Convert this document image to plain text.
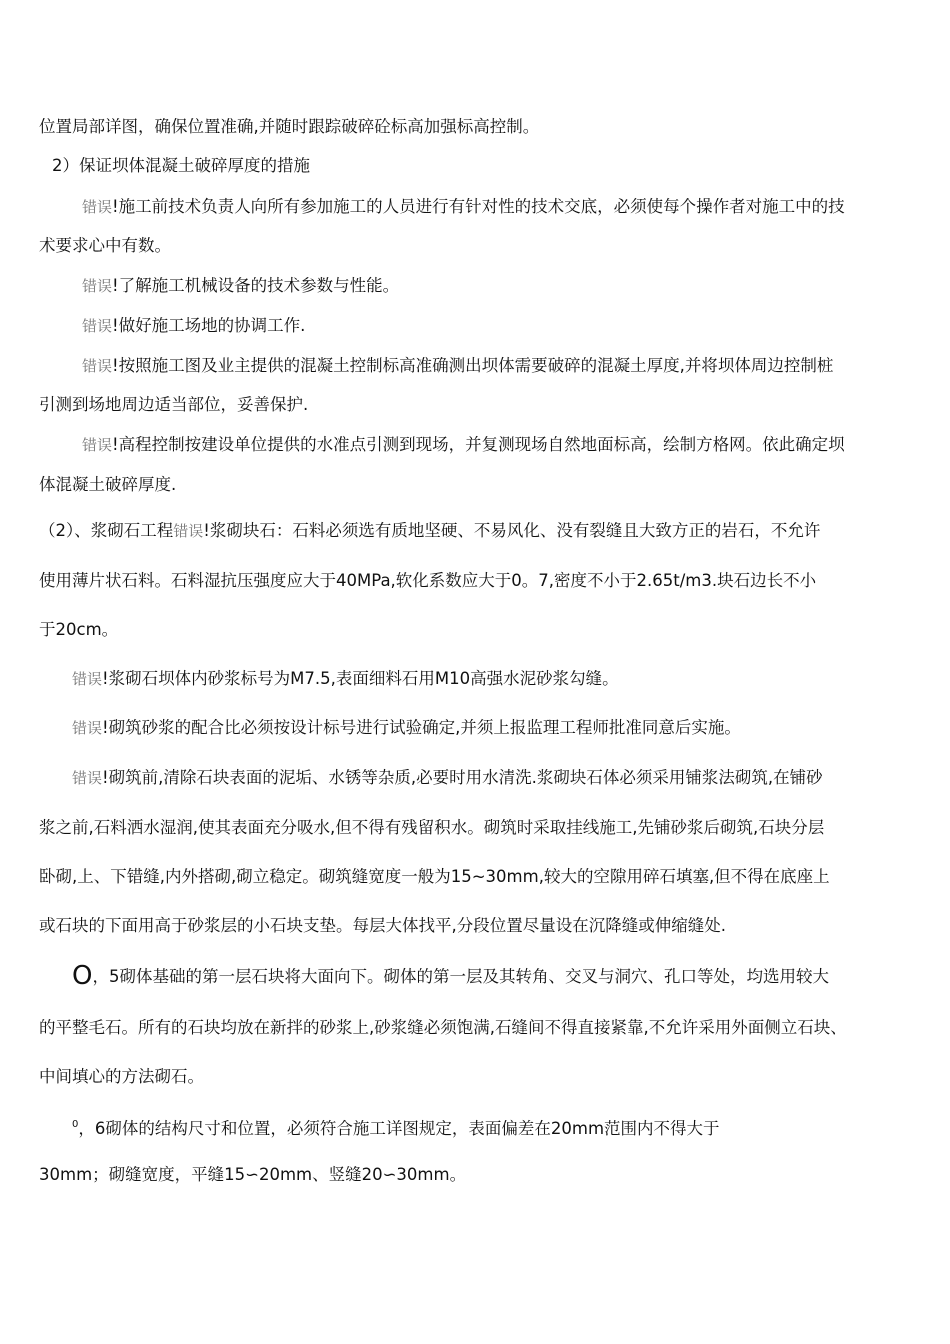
位置局部详图，确保位置准确,并随时跟踪破碎砼标高加强标高控制。
2）保证坝体混凝土破碎厚度的措施
错误!施工前技术负责人向所有参加施工的人员进行有针对性的技术交底，必须使每个操作者对施工中的技
术要求心中有数。
错误!了解施工机械设备的技术参数与性能。
错误!做好施工场地的协调工作.
错误!按照施工图及业主提供的混凝土控制标高准确测出坝体需要破碎的混凝土厚度,并将坝体周边控制桩
引测到场地周边适当部位，妥善保护.
错误!高程控制按建设单位提供的水准点引测到现场，并复测现场自然地面标高，绘制方格网。依此确定坝
体混凝土破碎厚度.
（2）、浆砌石工程错误!浆砌块石：石料必须选有质地坚硬、不易风化、没有裂缝且大致方正的岩石，不允许
使用薄片状石料。石料湿抗压强度应大于40MPa,软化系数应大于0。7,密度不小于2.65t/m3.块石边长不小
于20cm。
错误!浆砌石坝体内砂浆标号为M7.5,表面细料石用M10高强水泥砂浆勾缝。
错误!砌筑砂浆的配合比必须按设计标号进行试验确定,并须上报监理工程师批准同意后实施。
错误!砌筑前,清除石块表面的泥垢、水锈等杂质,必要时用水清洗.浆砌块石体必须采用铺浆法砌筑,在铺砂
浆之前,石料洒水湿润,使其表面充分吸水,但不得有残留积水。砌筑时采取挂线施工,先铺砂浆后砌筑,石块分层
卧砌,上、下错缝,内外搭砌,砌立稳定。砌筑缝宽度一般为15~30mm,较大的空隙用碎石填塞,但不得在底座上
或石块的下面用高于砂浆层的小石块支垫。每层大体找平,分段位置尽量设在沉降缝或伸缩缝处.
O，5砌体基础的第一层石块将大面向下。砌体的第一层及其转角、交叉与洞穴、孔口等处，均选用较大
的平整毛石。所有的石块均放在新拌的砂浆上,砂浆缝必须饱满,石缝间不得直接紧靠,不允许采用外面侧立石块、
中间填心的方法砌石。
$^0$，6砌体的结构尺寸和位置，必须符合施工详图规定，表面偏差在20mm范围内不得大于
30mm；砌缝宽度，平缝15∽20mm、竖缝20∽30mm。
